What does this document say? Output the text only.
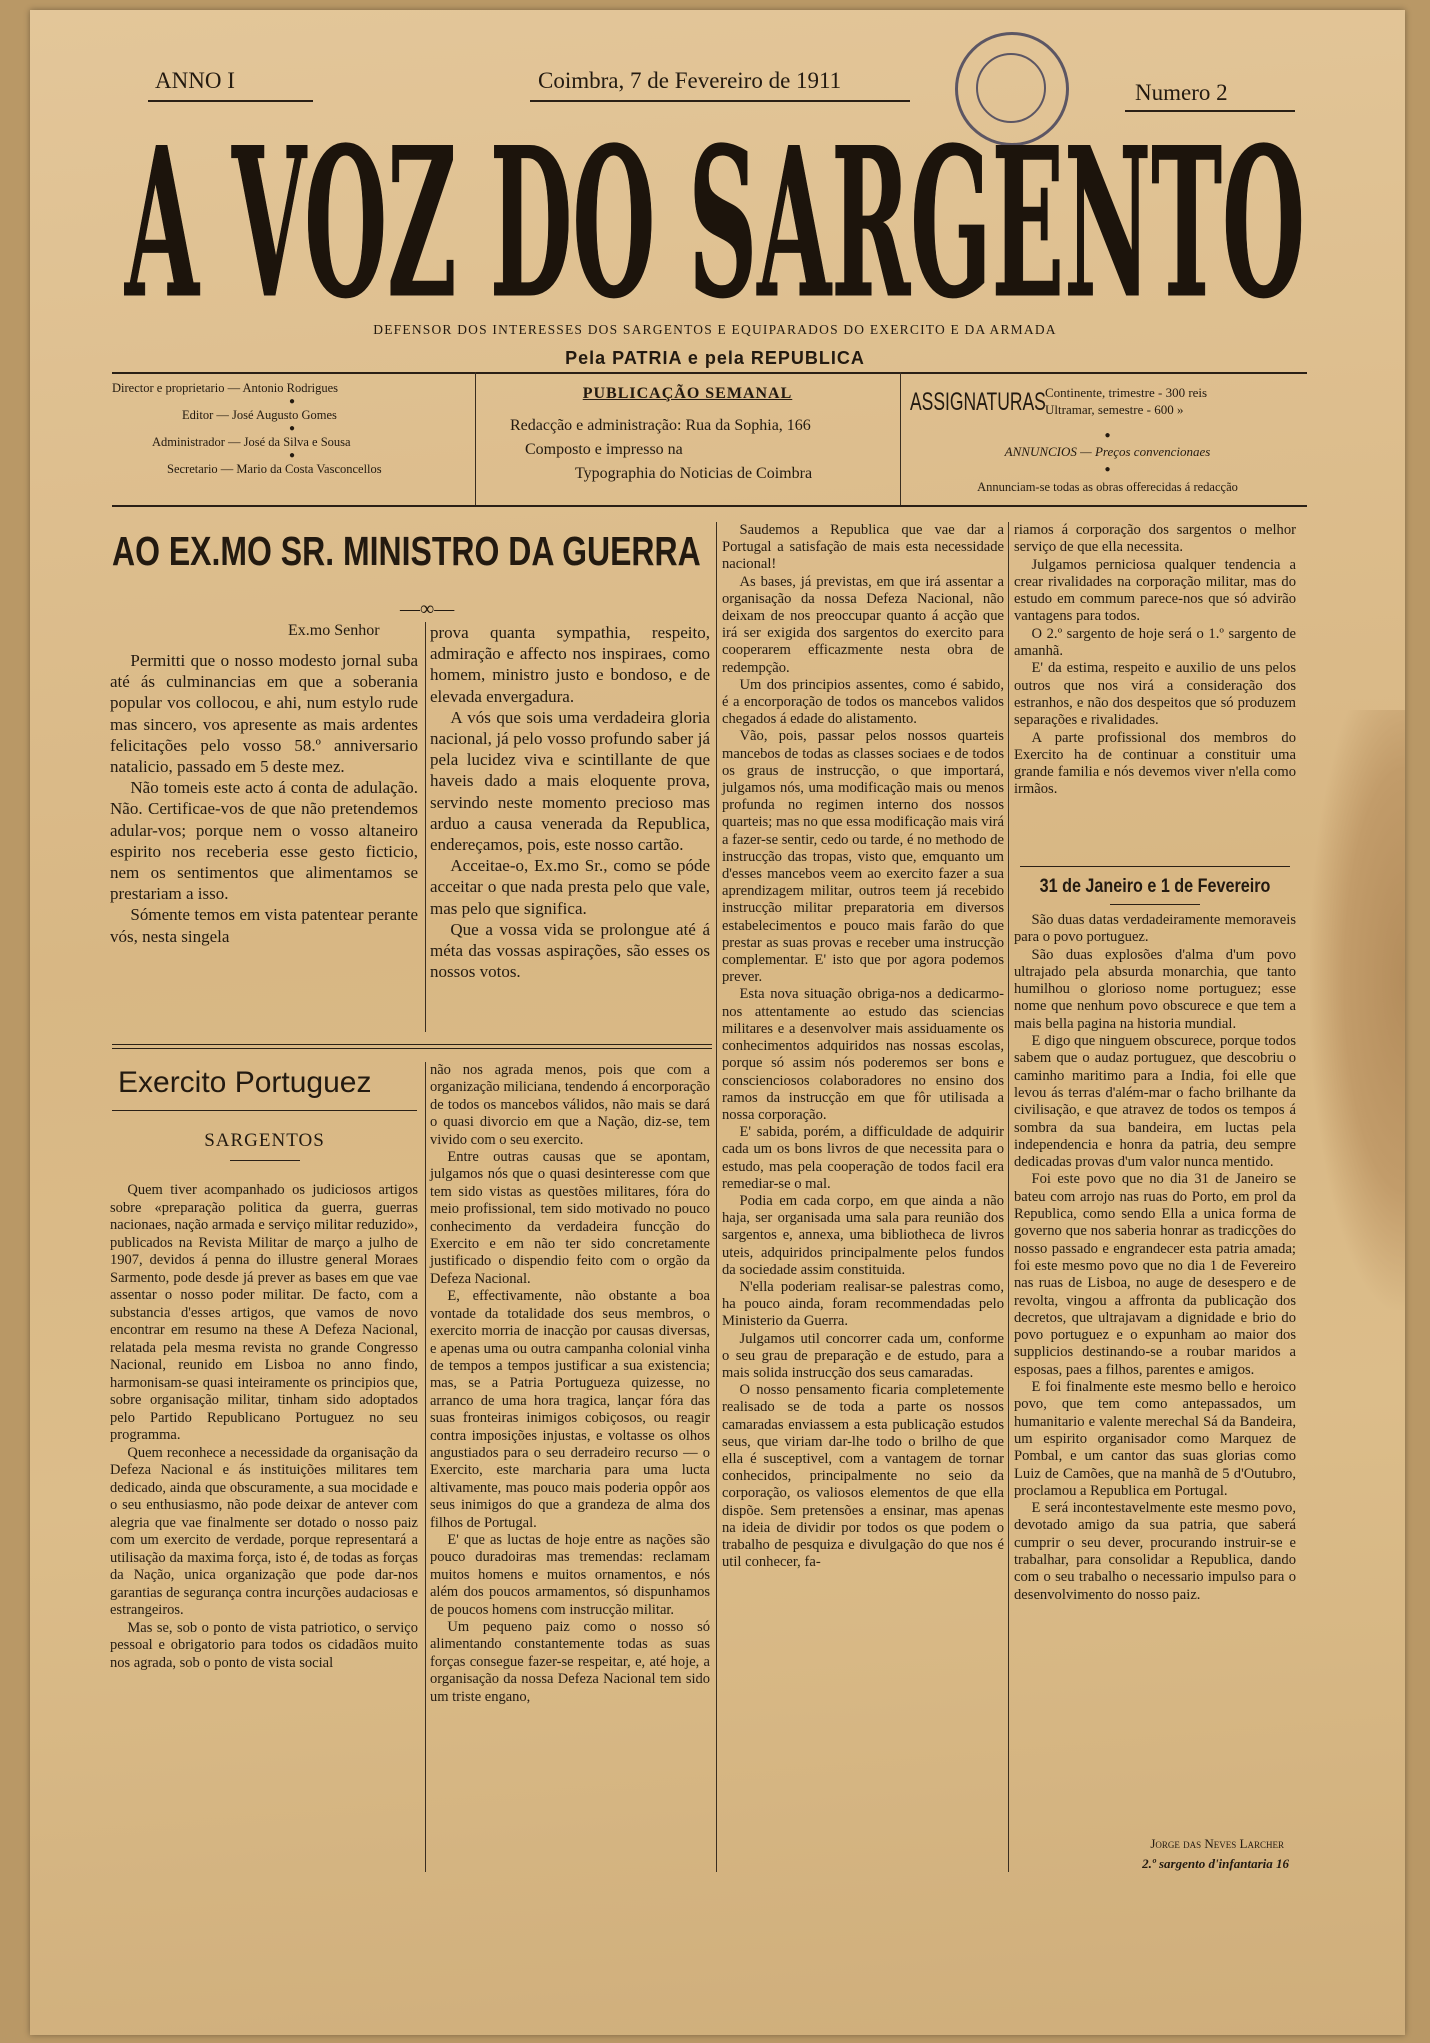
ANNO I	Coimbra, 7 de Fevereiro de 1911	Numero 2
A VOZ DO SARGENTO
DEFENSOR DOS INTERESSES DOS SARGENTOS E EQUIPARADOS DO EXERCITO E DA ARMADA
Pela PATRIA e pela REPUBLICA
Director e proprietario — Antonio Rodrigues
●
Editor — José Augusto Gomes
●
Administrador — José da Silva e Sousa
●
Secretario — Mario da Costa Vasconcellos
PUBLICAÇÃO SEMANAL
Redacção e administração: Rua da Sophia, 166
Composto e impresso na
Typographia do Noticias de Coimbra
ASSIGNATURAS Continente, trimestre - 300 reis
Ultramar, semestre - 600 »
●
ANNUNCIOS — Preços convencionaes
●
Annunciam-se todas as obras offerecidas á redacção
AO EX.MO SR. MINISTRO DA GUERRA
—∞—
Ex.mo Senhor

Permitti que o nosso modesto jornal suba até ás culminancias em que a soberania popular vos collocou, e ahi, num estylo rude mas sincero, vos apresente as mais ardentes felicitações pelo vosso 58.º anniversario natalicio, passado em 5 deste mez.

Não tomeis este acto á conta de adulação. Não. Certificae-vos de que não pretendemos adular-vos; porque nem o vosso altaneiro espirito nos receberia esse gesto ficticio, nem os sentimentos que alimentamos se prestariam a isso.

Sómente temos em vista patentear perante vós, nesta singela

prova quanta sympathia, respeito, admiração e affecto nos inspiraes, como homem, ministro justo e bondoso, e de elevada envergadura.

A vós que sois uma verdadeira gloria nacional, já pelo vosso profundo saber já pela lucidez viva e scintillante de que haveis dado a mais eloquente prova, servindo neste momento precioso mas arduo a causa venerada da Republica, endereçamos, pois, este nosso cartão.

Acceitae-o, Ex.mo Sr., como se póde acceitar o que nada presta pelo que vale, mas pelo que significa.

Que a vossa vida se prolongue até á méta das vossas aspirações, são esses os nossos votos.

Exercito Portuguez
SARGENTOS

Quem tiver acompanhado os judiciosos artigos sobre «preparação politica da guerra, guerras nacionaes, nação armada e serviço militar reduzido», publicados na Revista Militar de março a julho de 1907, devidos á penna do illustre general Moraes Sarmento, pode desde já prever as bases em que vae assentar o nosso poder militar. De facto, com a substancia d'esses artigos, que vamos de novo encontrar em resumo na these A Defeza Nacional, relatada pela mesma revista no grande Congresso Nacional, reunido em Lisboa no anno findo, harmonisam-se quasi inteiramente os principios que, sobre organisação militar, tinham sido adoptados pelo Partido Republicano Portuguez no seu programma.

Quem reconhece a necessidade da organisação da Defeza Nacional e ás instituições militares tem dedicado, ainda que obscuramente, a sua mocidade e o seu enthusiasmo, não pode deixar de antever com alegria que vae finalmente ser dotado o nosso paiz com um exercito de verdade, porque representará a utilisação da maxima força, isto é, de todas as forças da Nação, unica organização que pode dar-nos garantias de segurança contra incurções audaciosas e estrangeiros.

Mas se, sob o ponto de vista patriotico, o serviço pessoal e obrigatorio para todos os cidadãos muito nos agrada, sob o ponto de vista social

não nos agrada menos, pois que com a organização miliciana, tendendo á encorporação de todos os mancebos válidos, não mais se dará o quasi divorcio em que a Nação, diz-se, tem vivido com o seu exercito.

Entre outras causas que se apontam, julgamos nós que o quasi desinteresse com que tem sido vistas as questões militares, fóra do meio profissional, tem sido motivado no pouco conhecimento da verdadeira funcção do Exercito e em não ter sido concretamente justificado o dispendio feito com o orgão da Defeza Nacional.

E, effectivamente, não obstante a boa vontade da totalidade dos seus membros, o exercito morria de inacção por causas diversas, e apenas uma ou outra campanha colonial vinha de tempos a tempos justificar a sua existencia; mas, se a Patria Portugueza quizesse, no arranco de uma hora tragica, lançar fóra das suas fronteiras inimigos cobiçosos, ou reagir contra imposições injustas, e voltasse os olhos angustiados para o seu derradeiro recurso — o Exercito, este marcharia para uma lucta altivamente, mas pouco mais poderia oppôr aos seus inimigos do que a grandeza de alma dos filhos de Portugal.

E' que as luctas de hoje entre as nações são pouco duradoiras mas tremendas: reclamam muitos homens e muitos ornamentos, e nós além dos poucos armamentos, só dispunhamos de poucos homens com instrucção militar.

Um pequeno paiz como o nosso só alimentando constantemente todas as suas forças consegue fazer-se respeitar, e, até hoje, a organisação da nossa Defeza Nacional tem sido um triste engano,

Saudemos a Republica que vae dar a Portugal a satisfação de mais esta necessidade nacional!

As bases, já previstas, em que irá assentar a organisação da nossa Defeza Nacional, não deixam de nos preoccupar quanto á acção que irá ser exigida dos sargentos do exercito para cooperarem efficazmente nesta obra de redempção.

Um dos principios assentes, como é sabido, é a encorporação de todos os mancebos validos chegados á edade do alistamento.

Vão, pois, passar pelos nossos quarteis mancebos de todas as classes sociaes e de todos os graus de instrucção, o que importará, julgamos nós, uma modificação mais ou menos profunda no regimen interno dos nossos quarteis; mas no que essa modificação mais virá a fazer-se sentir, cedo ou tarde, é no methodo de instrucção das tropas, visto que, emquanto um d'esses mancebos veem ao exercito fazer a sua aprendizagem militar, outros teem já recebido instrucção militar preparatoria em diversos estabelecimentos e pouco mais farão do que prestar as suas provas e receber uma instrucção complementar. E' isto que por agora podemos prever.

Esta nova situação obriga-nos a dedicarmo-nos attentamente ao estudo das sciencias militares e a desenvolver mais assiduamente os conhecimentos adquiridos nas nossas escolas, porque só assim nós poderemos ser bons e conscienciosos colaboradores no ensino dos ramos da instrucção em que fôr utilisada a nossa corporação.

E' sabida, porém, a difficuldade de adquirir cada um os bons livros de que necessita para o estudo, mas pela cooperação de todos facil era remediar-se o mal.

Podia em cada corpo, em que ainda a não haja, ser organisada uma sala para reunião dos sargentos e, annexa, uma bibliotheca de livros uteis, adquiridos principalmente pelos fundos da sociedade assim constituida.

N'ella poderiam realisar-se palestras como, ha pouco ainda, foram recommendadas pelo Ministerio da Guerra.

Julgamos util concorrer cada um, conforme o seu grau de preparação e de estudo, para a mais solida instrucção dos seus camaradas.

O nosso pensamento ficaria completemente realisado se de toda a parte os nossos camaradas enviassem a esta publicação estudos seus, que viriam dar-lhe todo o brilho de que ella é susceptivel, com a vantagem de tornar conhecidos, principalmente no seio da corporação, os valiosos elementos de que ella dispõe. Sem pretensões a ensinar, mas apenas na ideia de dividir por todos os que podem o trabalho de pesquiza e divulgação do que nos é util conhecer, fa-

riamos á corporação dos sargentos o melhor serviço de que ella necessita.

Julgamos perniciosa qualquer tendencia a crear rivalidades na corporação militar, mas do estudo em commum parece-nos que só advirão vantagens para todos.

O 2.º sargento de hoje será o 1.º sargento de amanhã.

E' da estima, respeito e auxilio de uns pelos outros que nos virá a consideração dos estranhos, e não dos despeitos que só produzem separações e rivalidades.

A parte profissional dos membros do Exercito ha de continuar a constituir uma grande familia e nós devemos viver n'ella como irmãos.

31 de Janeiro e 1 de Fevereiro

São duas datas verdadeiramente memoraveis para o povo portuguez.

São duas explosões d'alma d'um povo ultrajado pela absurda monarchia, que tanto humilhou o glorioso nome portuguez; esse nome que nenhum povo obscurece e que tem a mais bella pagina na historia mundial.

E digo que ninguem obscurece, porque todos sabem que o audaz portuguez, que descobriu o caminho maritimo para a India, foi elle que levou ás terras d'além-mar o facho brilhante da civilisação, e que atravez de todos os tempos á sombra da sua bandeira, em luctas pela independencia e honra da patria, deu sempre dedicadas provas d'um valor nunca mentido.

Foi este povo que no dia 31 de Janeiro se bateu com arrojo nas ruas do Porto, em prol da Republica, como sendo Ella a unica forma de governo que nos saberia honrar as tradicções do nosso passado e engrandecer esta patria amada; foi este mesmo povo que no dia 1 de Fevereiro nas ruas de Lisboa, no auge de desespero e de revolta, vingou a affronta da publicação dos decretos, que ultrajavam a dignidade e brio do povo portuguez e o expunham ao maior dos supplicios destinando-se a roubar maridos a esposas, paes a filhos, parentes e amigos.

E foi finalmente este mesmo bello e heroico povo, que tem como antepassados, um humanitario e valente merechal Sá da Bandeira, um espirito organisador como Marquez de Pombal, e um cantor das suas glorias como Luiz de Camões, que na manhã de 5 d'Outubro, proclamou a Republica em Portugal.

E será incontestavelmente este mesmo povo, devotado amigo da sua patria, que saberá cumprir o seu dever, procurando instruir-se e trabalhar, para consolidar a Republica, dando com o seu trabalho o necessario impulso para o desenvolvimento do nosso paiz.

Jorge das Neves Larcher
2.º sargento d'infantaria 16
